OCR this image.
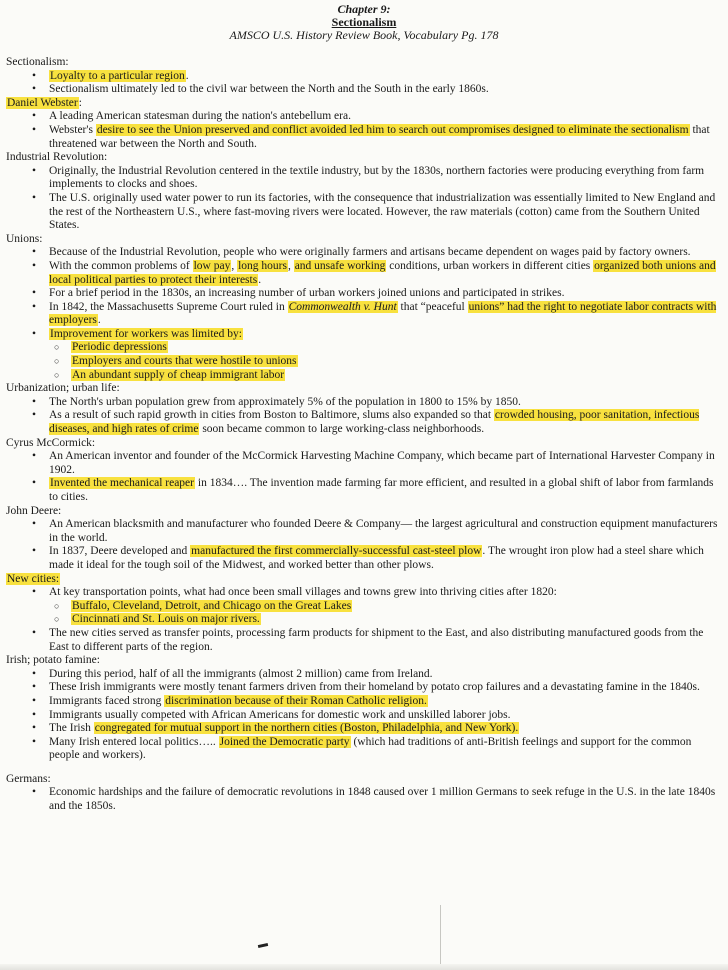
Chapter 9:
Sectionalism
AMSCO U.S. History Review Book, Vocabulary Pg. 178

Sectionalism:

• Loyalty to a particular region.
• Sectionalism ultimately led to the civil war between the North and the South in the early 1860s.

Daniel Webster:

• A leading American statesman during the nation's antebellum era.
• Webster's desire to see the Union preserved and conflict avoided led him to search out compromises designed to eliminate the sectionalism that threatened war between the North and South.

Industrial Revolution:

• Originally, the Industrial Revolution centered in the textile industry, but by the 1830s, northern factories were producing everything from farm implements to clocks and shoes.
• The U.S. originally used water power to run its factories, with the consequence that industrialization was essentially limited to New England and the rest of the Northeastern U.S., where fast-moving rivers were located. However, the raw materials (cotton) came from the Southern United States.

Unions:

• Because of the Industrial Revolution, people who were originally farmers and artisans became dependent on wages paid by factory owners.
• With the common problems of low pay, long hours, and unsafe working conditions, urban workers in different cities organized both unions and local political parties to protect their interests.
• For a brief period in the 1830s, an increasing number of urban workers joined unions and participated in strikes.
• In 1842, the Massachusetts Supreme Court ruled in Commonwealth v. Hunt that “peaceful unions” had the right to negotiate labor contracts with employers.
• Improvement for workers was limited by:
○ Periodic depressions
○ Employers and courts that were hostile to unions
○ An abundant supply of cheap immigrant labor

Urbanization; urban life:

• The North's urban population grew from approximately 5% of the population in 1800 to 15% by 1850.
• As a result of such rapid growth in cities from Boston to Baltimore, slums also expanded so that crowded housing, poor sanitation, infectious diseases, and high rates of crime soon became common to large working-class neighborhoods.

Cyrus McCormick:

• An American inventor and founder of the McCormick Harvesting Machine Company, which became part of International Harvester Company in 1902.
• Invented the mechanical reaper in 1834…. The invention made farming far more efficient, and resulted in a global shift of labor from farmlands to cities.

John Deere:

• An American blacksmith and manufacturer who founded Deere & Company— the largest agricultural and construction equipment manufacturers in the world.
• In 1837, Deere developed and manufactured the first commercially-successful cast-steel plow. The wrought iron plow had a steel share which made it ideal for the tough soil of the Midwest, and worked better than other plows.

New cities:

• At key transportation points, what had once been small villages and towns grew into thriving cities after 1820:
○ Buffalo, Cleveland, Detroit, and Chicago on the Great Lakes
○ Cincinnati and St. Louis on major rivers.
• The new cities served as transfer points, processing farm products for shipment to the East, and also distributing manufactured goods from the East to different parts of the region.

Irish; potato famine:

• During this period, half of all the immigrants (almost 2 million) came from Ireland.
• These Irish immigrants were mostly tenant farmers driven from their homeland by potato crop failures and a devastating famine in the 1840s.
• Immigrants faced strong discrimination because of their Roman Catholic religion.
• Immigrants usually competed with African Americans for domestic work and unskilled laborer jobs.
• The Irish congregated for mutual support in the northern cities (Boston, Philadelphia, and New York).
• Many Irish entered local politics….. Joined the Democratic party (which had traditions of anti-British feelings and support for the common people and workers).

Germans:

• Economic hardships and the failure of democratic revolutions in 1848 caused over 1 million Germans to seek refuge in the U.S. in the late 1840s and the 1850s.
